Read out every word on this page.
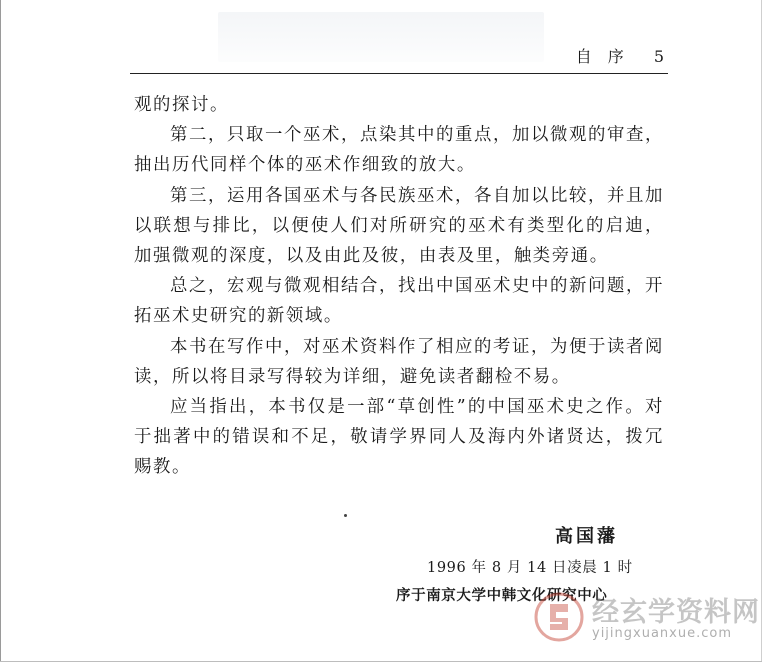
自 序 5

观的探讨。

第二，只取一个巫术，点染其中的重点，加以微观的审查，抽出历代同样个体的巫术作细致的放大。

第三，运用各国巫术与各民族巫术，各自加以比较，并且加以联想与排比，以便使人们对所研究的巫术有类型化的启迪，加强微观的深度，以及由此及彼，由表及里，触类旁通。

总之，宏观与微观相结合，找出中国巫术史中的新问题，开拓巫术史研究的新领域。

本书在写作中，对巫术资料作了相应的考证，为便于读者阅读，所以将目录写得较为详细，避免读者翻检不易。

应当指出，本书仅是一部“草创性”的中国巫术史之作。对于拙著中的错误和不足，敬请学界同人及海内外诸贤达，拨冗赐教。

高国藩
1996 年 8 月 14 日凌晨 1 时
序于南京大学中韩文化研究中心
经玄学资料网
yijingxuanxue.com
